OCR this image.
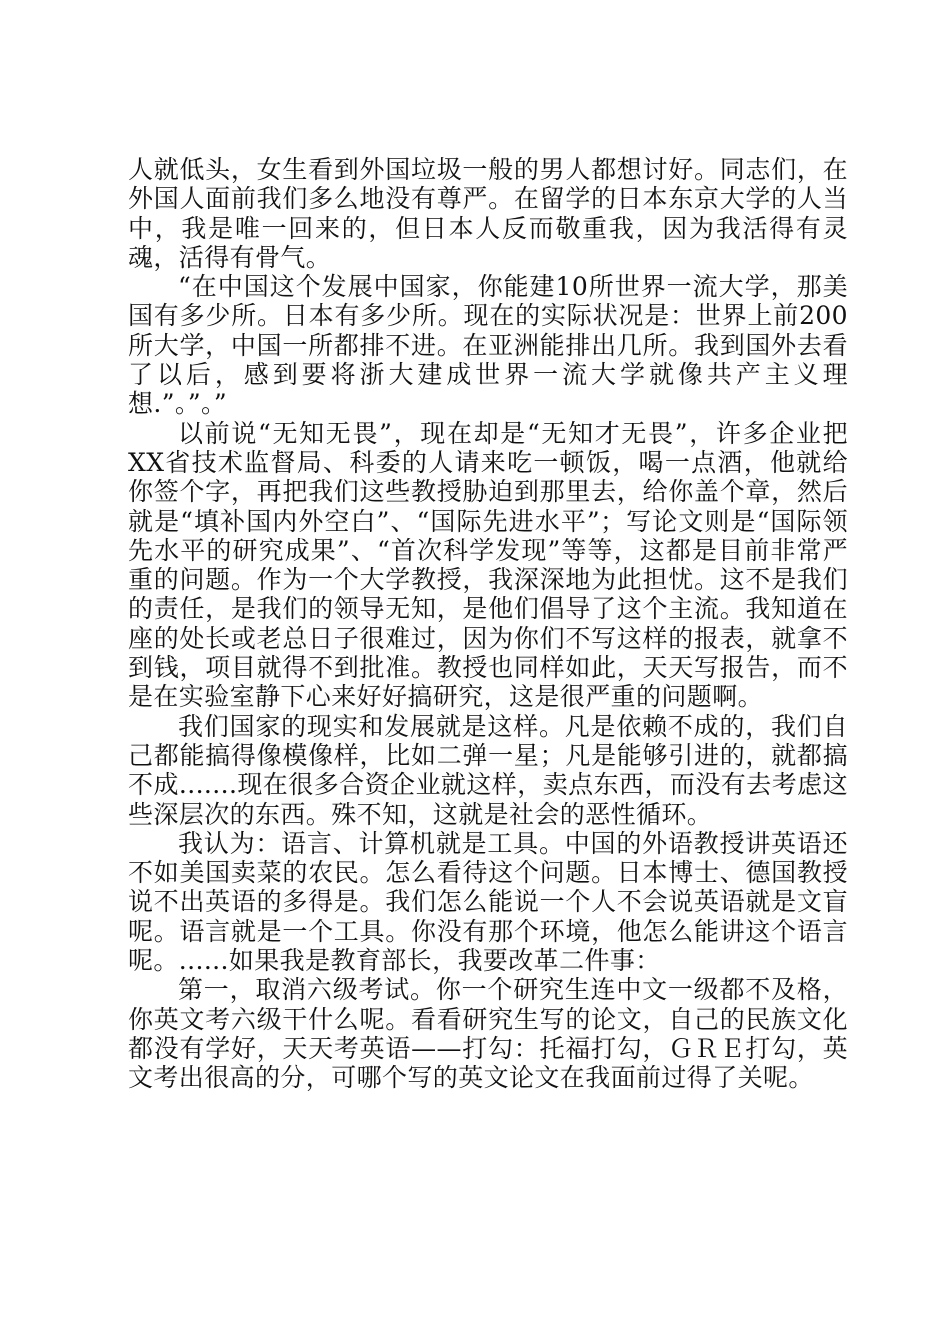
人就低头，女生看到外国垃圾一般的男人都想讨好。同志们，在外国人面前我们多么地没有尊严。在留学的日本东京大学的人当中，我是唯一回来的，但日本人反而敬重我，因为我活得有灵魂，活得有骨气。

“在中国这个发展中国家，你能建10所世界一流大学，那美国有多少所。日本有多少所。现在的实际状况是：世界上前200所大学，中国一所都排不进。在亚洲能排出几所。我到国外去看了以后，感到要将浙大建成世界一流大学就像共产主义理想.”。”。”

以前说“无知无畏”，现在却是“无知才无畏”，许多企业把XX省技术监督局、科委的人请来吃一顿饭，喝一点酒，他就给你签个字，再把我们这些教授胁迫到那里去，给你盖个章，然后就是“填补国内外空白”、“国际先进水平”；写论文则是“国际领先水平的研究成果”、“首次科学发现”等等，这都是目前非常严重的问题。作为一个大学教授，我深深地为此担忧。这不是我们的责任，是我们的领导无知，是他们倡导了这个主流。我知道在座的处长或老总日子很难过，因为你们不写这样的报表，就拿不到钱，项目就得不到批准。教授也同样如此，天天写报告，而不是在实验室静下心来好好搞研究，这是很严重的问题啊。

我们国家的现实和发展就是这样。凡是依赖不成的，我们自己都能搞得像模像样，比如二弹一星；凡是能够引进的，就都搞不成.......现在很多合资企业就这样，卖点东西，而没有去考虑这些深层次的东西。殊不知，这就是社会的恶性循环。

我认为：语言、计算机就是工具。中国的外语教授讲英语还不如美国卖菜的农民。怎么看待这个问题。日本博士、德国教授说不出英语的多得是。我们怎么能说一个人不会说英语就是文盲呢。语言就是一个工具。你没有那个环境，他怎么能讲这个语言呢。......如果我是教育部长，我要改革二件事：

第一，取消六级考试。你一个研究生连中文一级都不及格，你英文考六级干什么呢。看看研究生写的论文，自己的民族文化都没有学好，天天考英语——打勾：托福打勾，ＧＲＥ打勾，英文考出很高的分，可哪个写的英文论文在我面前过得了关呢。
